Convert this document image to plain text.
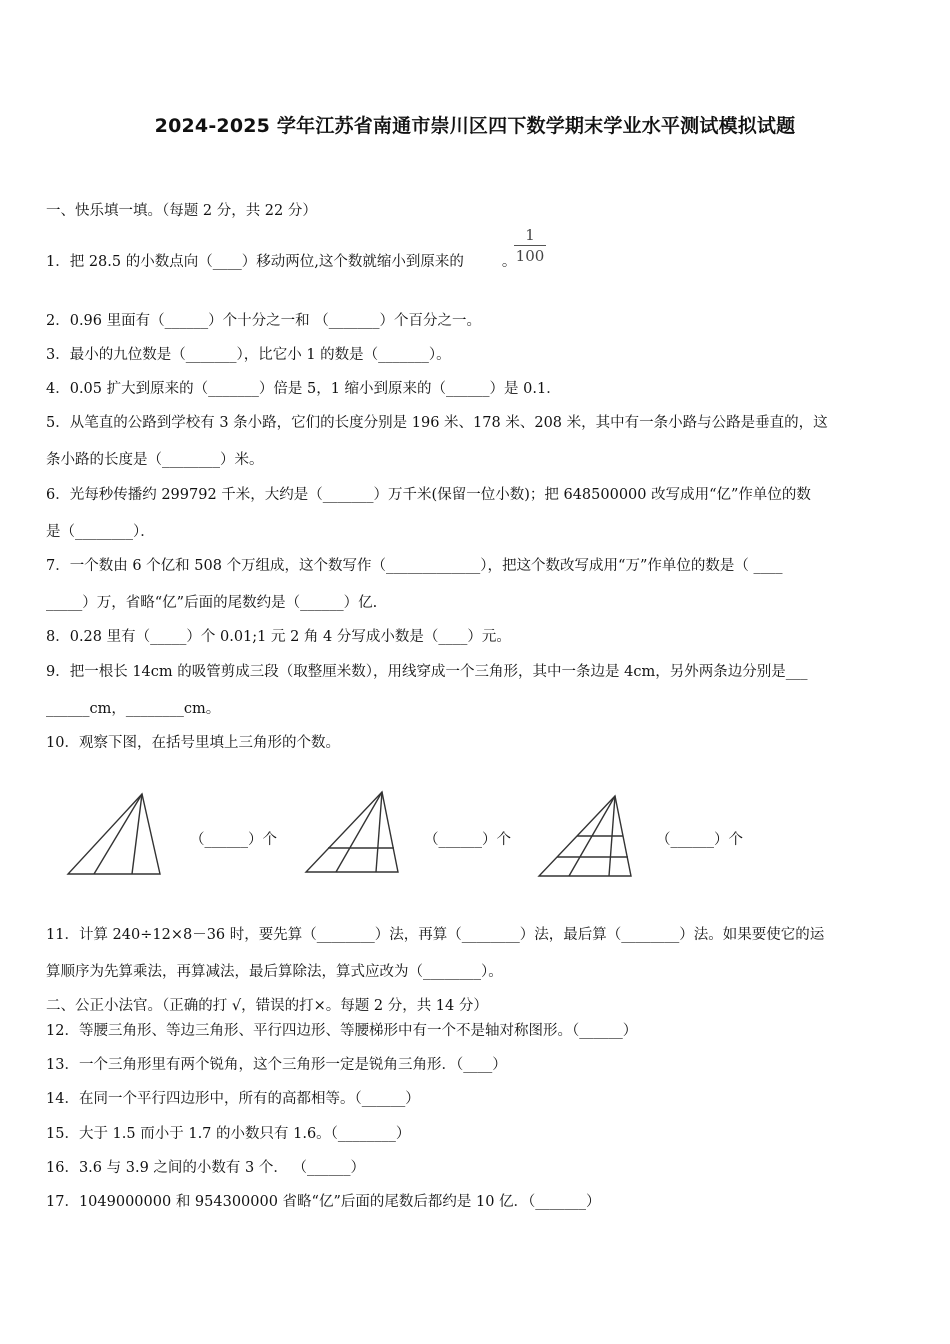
2024-2025 学年江苏省南通市崇川区四下数学期末学业水平测试模拟试题
一、快乐填一填。（每题 2 分，共 22 分）
1．把 28.5 的小数点向（____）移动两位,这个数就缩小到原来的	。
1
100
2．0.96 里面有（______）个十分之一和 （_______）个百分之一。
3．最小的九位数是（_______），比它小 1 的数是（_______）。
4．0.05 扩大到原来的（_______）倍是 5，1 缩小到原来的（______）是 0.1．
5．从笔直的公路到学校有 3 条小路，它们的长度分别是 196 米、178 米、208 米，其中有一条小路与公路是垂直的，这
条小路的长度是（________）米。
6．光每秒传播约 299792 千米，大约是（_______）万千米(保留一位小数)；把 648500000 改写成用“亿”作单位的数
是（________）．
7．一个数由 6 个亿和 508 个万组成，这个数写作（_____________），把这个数改写成用“万”作单位的数是（ ____
_____）万，省略“亿”后面的尾数约是（______）亿.
8．0.28 里有（_____）个 0.01;1 元 2 角 4 分写成小数是（____）元。
9．把一根长 14cm 的吸管剪成三段（取整厘米数），用线穿成一个三角形，其中一条边是 4cm，另外两条边分别是___
______cm，________cm。
10．观察下图，在括号里填上三角形的个数。
（______）个	（______）个	（______）个
11．计算 240÷12×8－36 时，要先算（________）法，再算（________）法，最后算（________）法。如果要使它的运
算顺序为先算乘法，再算减法，最后算除法，算式应改为（________）。
二、公正小法官。（正确的打 √，错误的打×。每题 2 分，共 14 分）
12．等腰三角形、等边三角形、平行四边形、等腰梯形中有一个不是轴对称图形。（______）
13．一个三角形里有两个锐角，这个三角形一定是锐角三角形．（____）
14．在同一个平行四边形中，所有的高都相等。（______）
15．大于 1.5 而小于 1.7 的小数只有 1.6。（________）
16．3.6 与 3.9 之间的小数有 3 个． （______）
17．1049000000 和 954300000 省略“亿”后面的尾数后都约是 10 亿．（_______）
